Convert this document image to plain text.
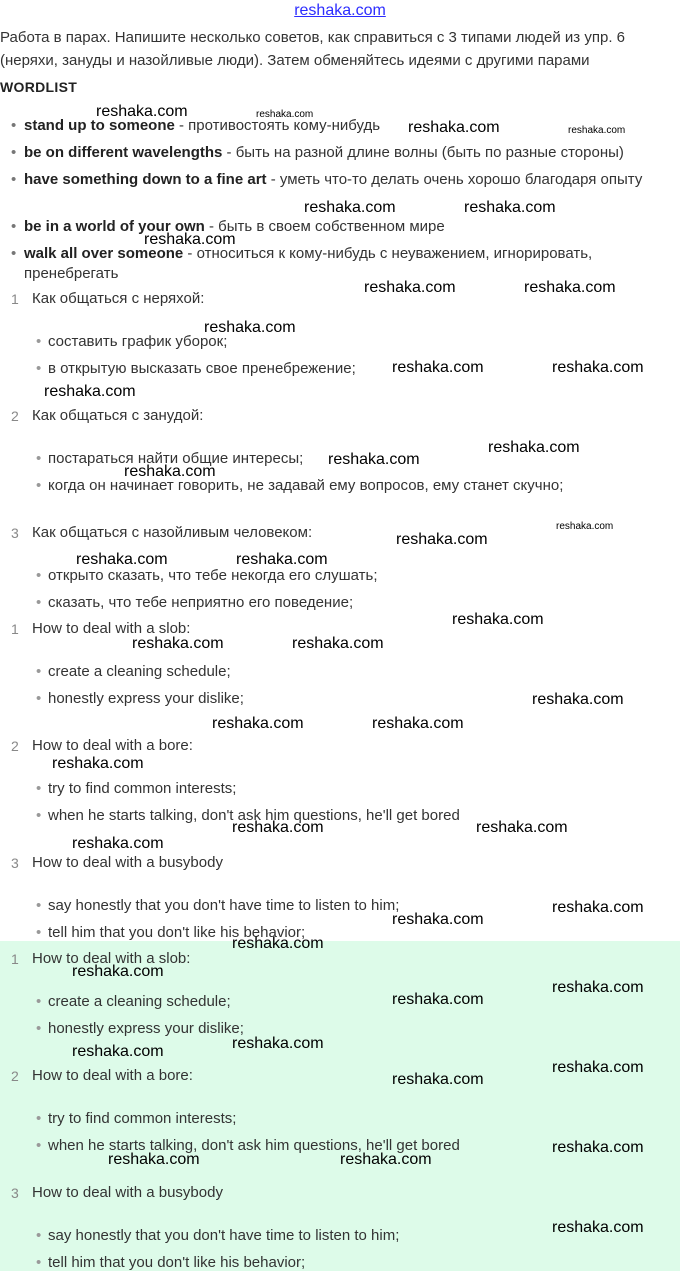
reshaka.com
Работа в парах. Напишите несколько советов, как справиться с 3 типами людей из упр. 6 (неряхи, зануды и назойливые люди). Затем обменяйтесь идеями с другими парами
WORDLIST
• stand up to someone - противостоять кому-нибудь
• be on different wavelengths - быть на разной длине волны (быть по разные стороны)
• have something down to a fine art - уметь что-то делать очень хорошо благодаря опыту
• be in a world of your own - быть в своем собственном мире
• walk all over someone - относиться к кому-нибудь с неуважением, игнорировать, пренебрегать
1 Как общаться с неряхой:
• составить график уборок;
• в открытую высказать свое пренебрежение;
2 Как общаться с занудой:
• постараться найти общие интересы;
• когда он начинает говорить, не задавай ему вопросов, ему станет скучно;
3 Как общаться с назойливым человеком:
• открыто сказать, что тебе некогда его слушать;
• сказать, что тебе неприятно его поведение;
1 How to deal with a slob:
• create a cleaning schedule;
• honestly express your dislike;
2 How to deal with a bore:
• try to find common interests;
• when he starts talking, don't ask him questions, he'll get bored
3 How to deal with a busybody
• say honestly that you don't have time to listen to him;
• tell him that you don't like his behavior;
1 How to deal with a slob:
• create a cleaning schedule;
• honestly express your dislike;
2 How to deal with a bore:
• try to find common interests;
• when he starts talking, don't ask him questions, he'll get bored
3 How to deal with a busybody
• say honestly that you don't have time to listen to him;
• tell him that you don't like his behavior;
reshaka.com	reshaka.com
reshaka.com	reshaka.com
reshaka.com	reshaka.com
reshaka.com
reshaka.com	reshaka.com
reshaka.com
reshaka.com	reshaka.com
reshaka.com
reshaka.com
reshaka.com
reshaka.com
reshaka.com
reshaka.com
reshaka.com	reshaka.com
reshaka.com
reshaka.com	reshaka.com
reshaka.com
reshaka.com	reshaka.com
reshaka.com
reshaka.com	reshaka.com
reshaka.com
reshaka.com
reshaka.com
reshaka.com
reshaka.com
reshaka.com
reshaka.com
reshaka.com
reshaka.com
reshaka.com
reshaka.com
reshaka.com
reshaka.com	reshaka.com
reshaka.com
